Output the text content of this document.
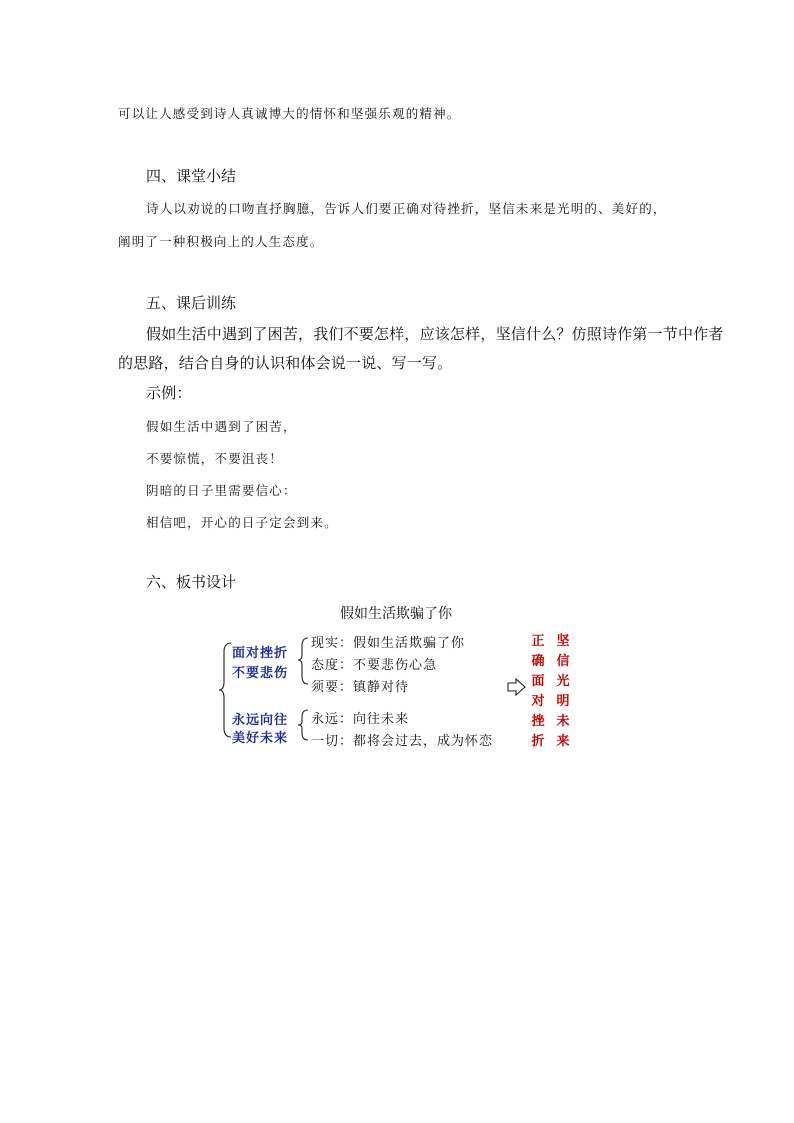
可以让人感受到诗人真诚博大的情怀和坚强乐观的精神。
四、课堂小结
诗人以劝说的口吻直抒胸臆，告诉人们要正确对待挫折，坚信未来是光明的、美好的，
阐明了一种积极向上的人生态度。
五、课后训练
假如生活中遇到了困苦，我们不要怎样，应该怎样，坚信什么？仿照诗作第一节中作者
的思路，结合自身的认识和体会说一说、写一写。
示例：
假如生活中遇到了困苦，
不要惊慌，不要沮丧！
阴暗的日子里需要信心：
相信吧，开心的日子定会到来。
六、板书设计
假如生活欺骗了你
面对挫折
不要悲伤
现实：假如生活欺骗了你
态度：不要悲伤心急
须要：镇静对待
永远向往
美好未来
永远：向往未来
一切：都将会过去，成为怀恋
正
确
面
对
挫
折
坚
信
光
明
未
来
